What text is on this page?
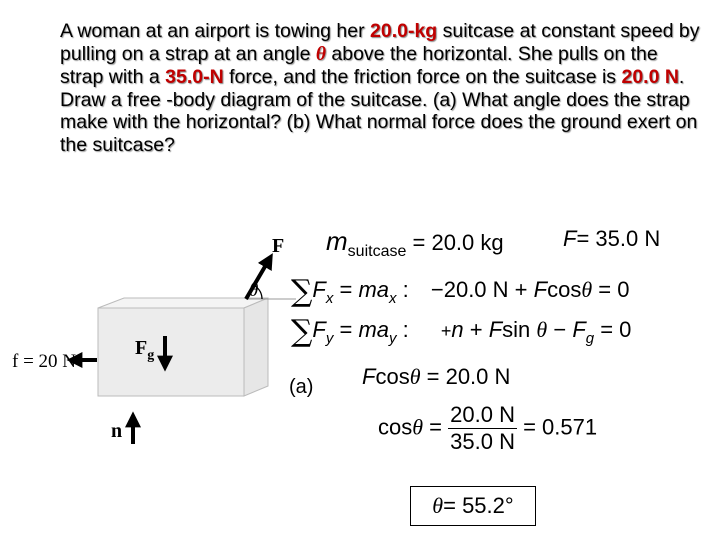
A woman at an airport is towing her 20.0-kg suitcase at constant speed by pulling on a strap at an angle θ above the horizontal. She pulls on the strap with a 35.0-N force, and the friction force on the suitcase is 20.0 N. Draw a free -body diagram of the suitcase. (a) What angle does the strap make with the horizontal? (b) What normal force does the ground exert on the suitcase?
F
θ
$F_g$
f = 20 N
n
(a)
$m_{suitcase} = 20.0$ kg	F= 35.0 N
$\sum F_x = ma_x$ : −20.0 N + Fcosθ = 0
$\sum F_y = ma_y$ : +n + Fsin $\theta - F_g = 0$
Fcosθ = 20.0 N
$\cos\theta = \frac{20.0 N}{35.0 N} = 0.571$
θ = 55.2°
